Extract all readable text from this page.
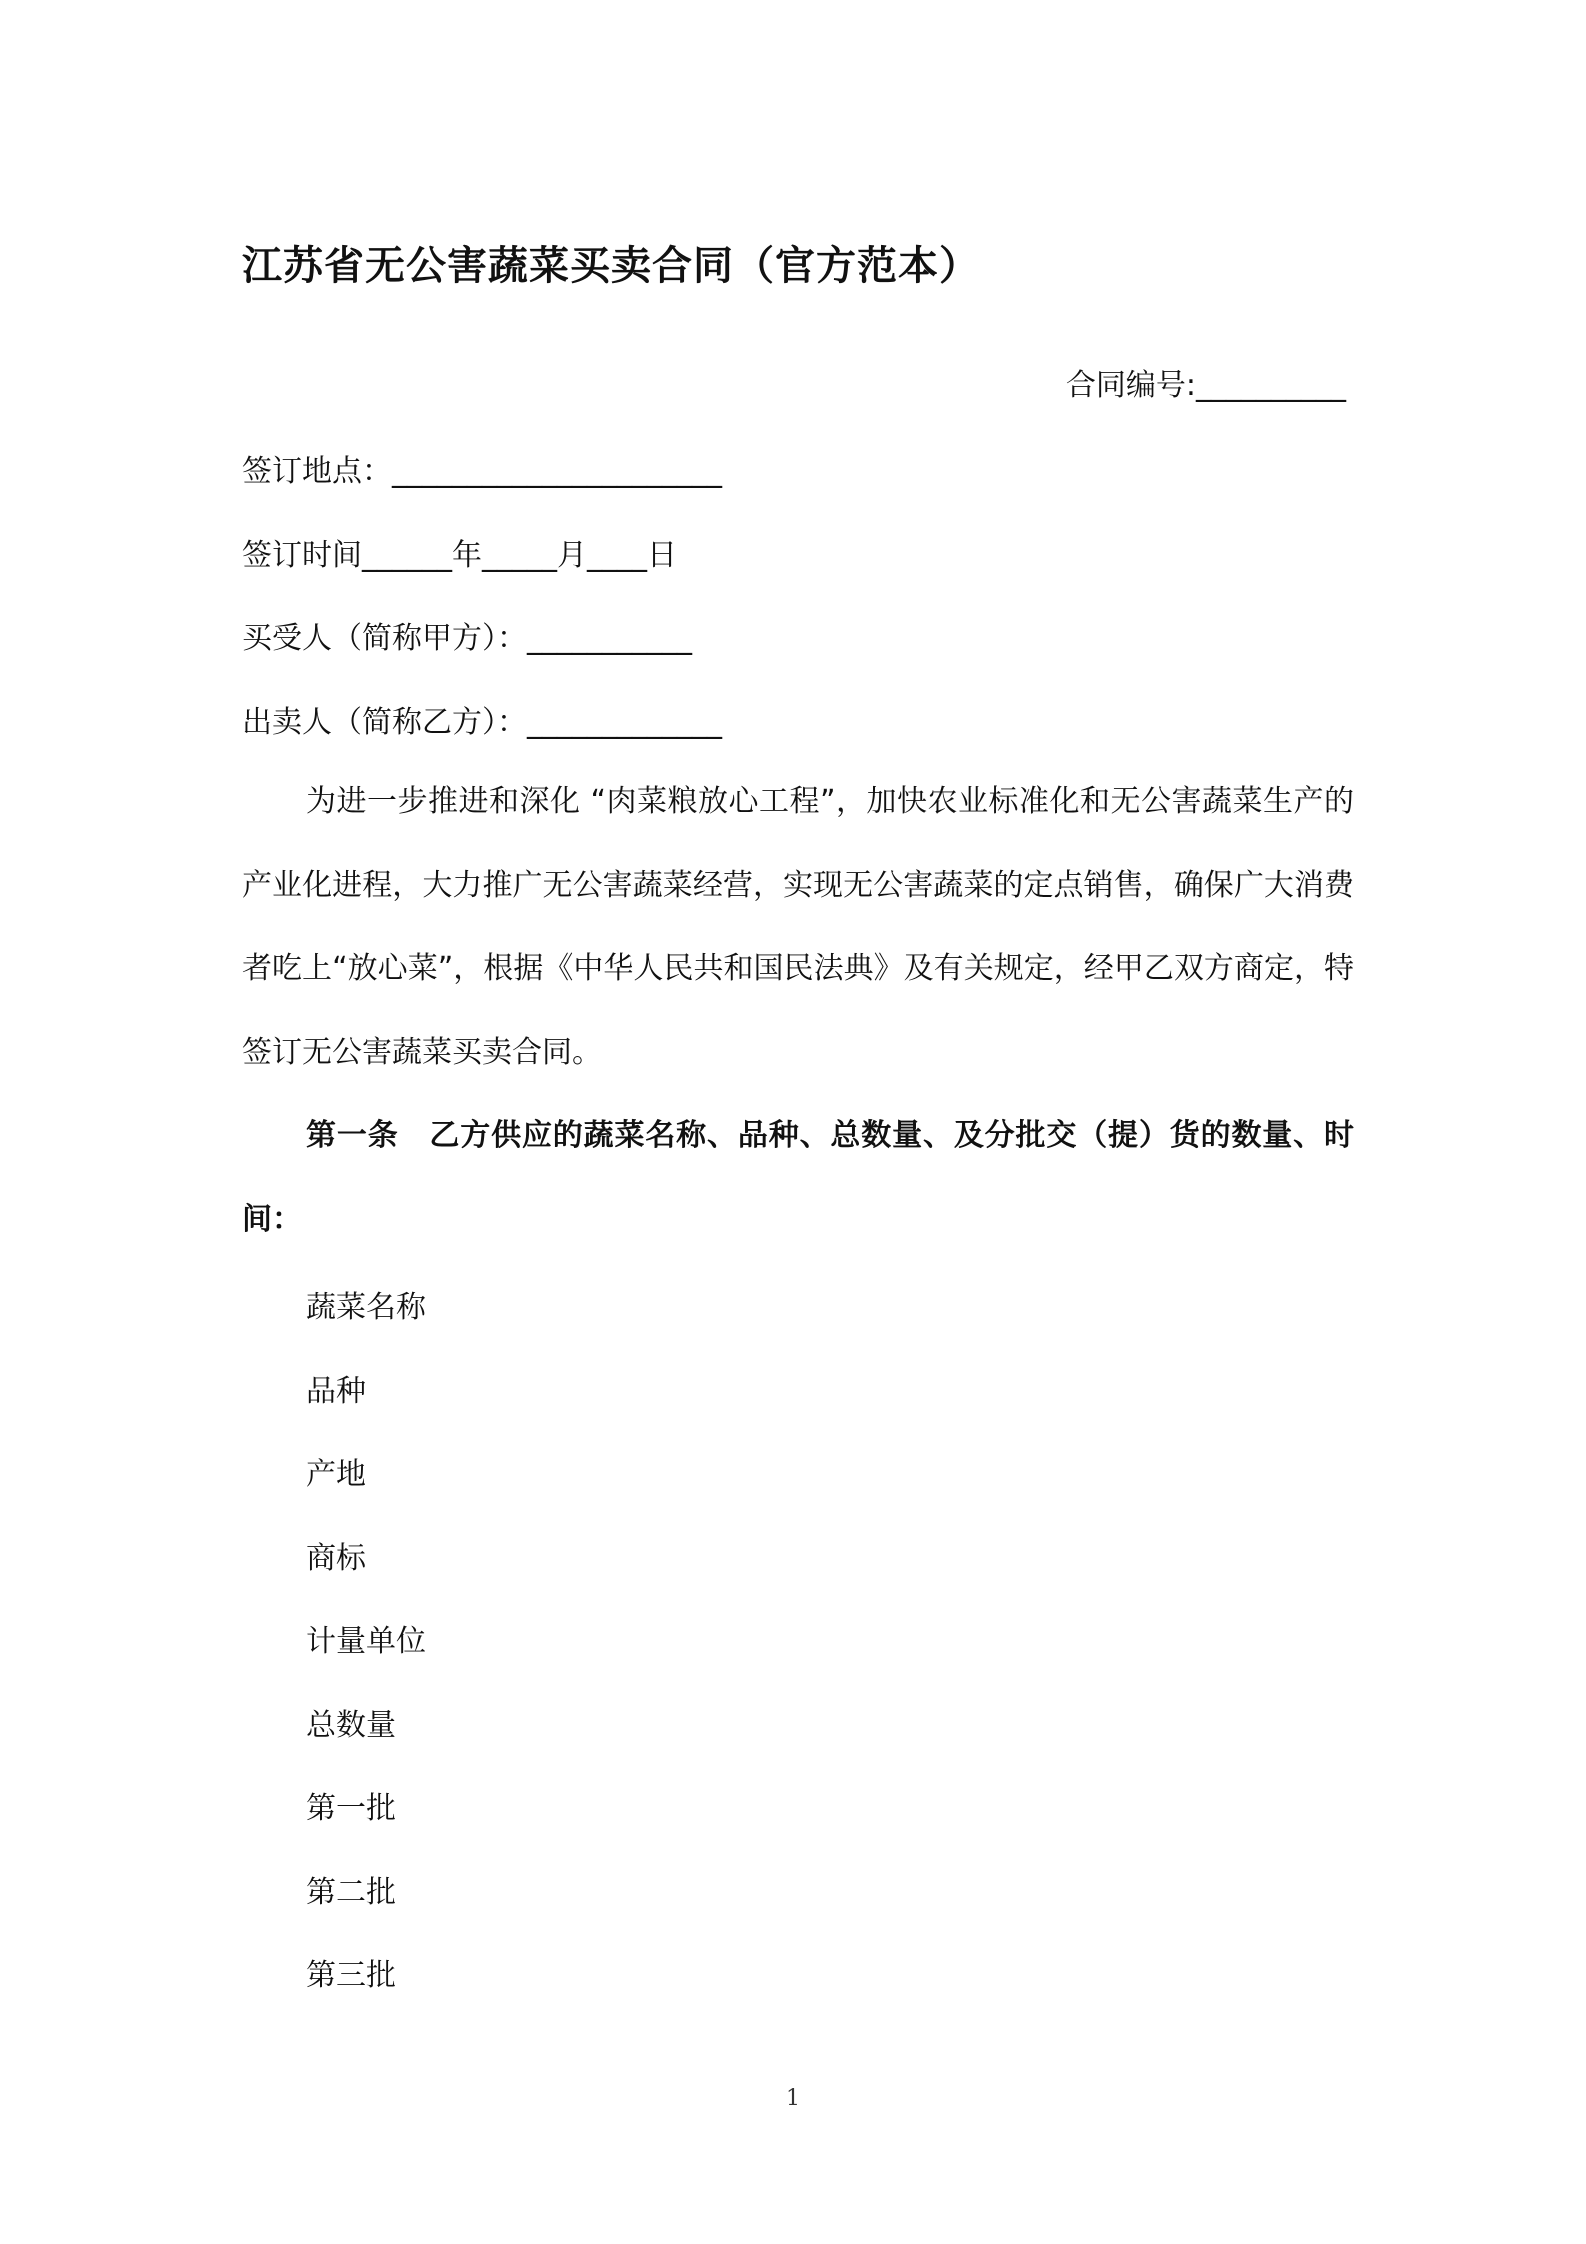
江苏省无公害蔬菜买卖合同（官方范本）
合同编号:__________
签订地点：______________________
签订时间______年_____月____日
买受人（简称甲方）：___________
出卖人（简称乙方）：_____________

为进一步推进和深化 “肉菜粮放心工程”，加快农业标准化和无公害蔬菜生产的产业化进程，大力推广无公害蔬菜经营，实现无公害蔬菜的定点销售，确保广大消费者吃上“放心菜”，根据《中华人民共和国民法典》及有关规定，经甲乙双方商定，特签订无公害蔬菜买卖合同。

第一条　乙方供应的蔬菜名称、品种、总数量、及分批交（提）货的数量、时间：

蔬菜名称
品种
产地
商标
计量单位
总数量
第一批
第二批
第三批
1
